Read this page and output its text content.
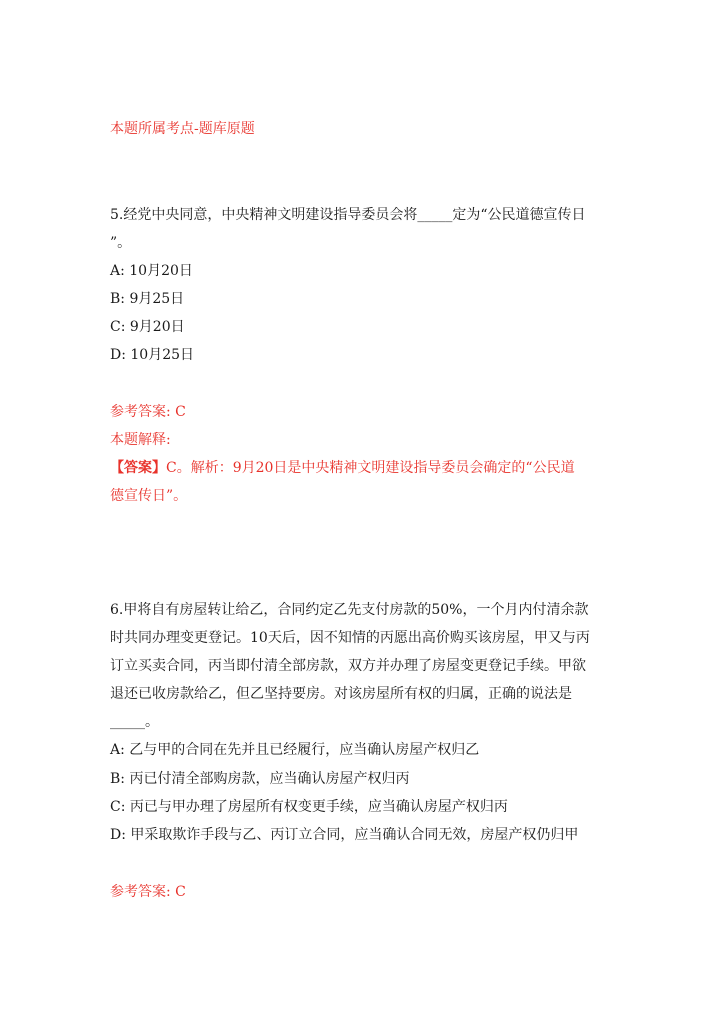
本题所属考点-题库原题
5.经党中央同意，中央精神文明建设指导委员会将_____定为“公民道德宣传日
”。
A: 10月20日
B: 9月25日
C: 9月20日
D: 10月25日
参考答案: C
本题解释:
【答案】C。解析：9月20日是中央精神文明建设指导委员会确定的“公民道
德宣传日”。
6.甲将自有房屋转让给乙，合同约定乙先支付房款的50%，一个月内付清余款
时共同办理变更登记。10天后，因不知情的丙愿出高价购买该房屋，甲又与丙
订立买卖合同，丙当即付清全部房款，双方并办理了房屋变更登记手续。甲欲
退还已收房款给乙，但乙坚持要房。对该房屋所有权的归属，正确的说法是
_____。
A: 乙与甲的合同在先并且已经履行，应当确认房屋产权归乙
B: 丙已付清全部购房款，应当确认房屋产权归丙
C: 丙已与甲办理了房屋所有权变更手续，应当确认房屋产权归丙
D: 甲采取欺诈手段与乙、丙订立合同，应当确认合同无效，房屋产权仍归甲
参考答案: C
